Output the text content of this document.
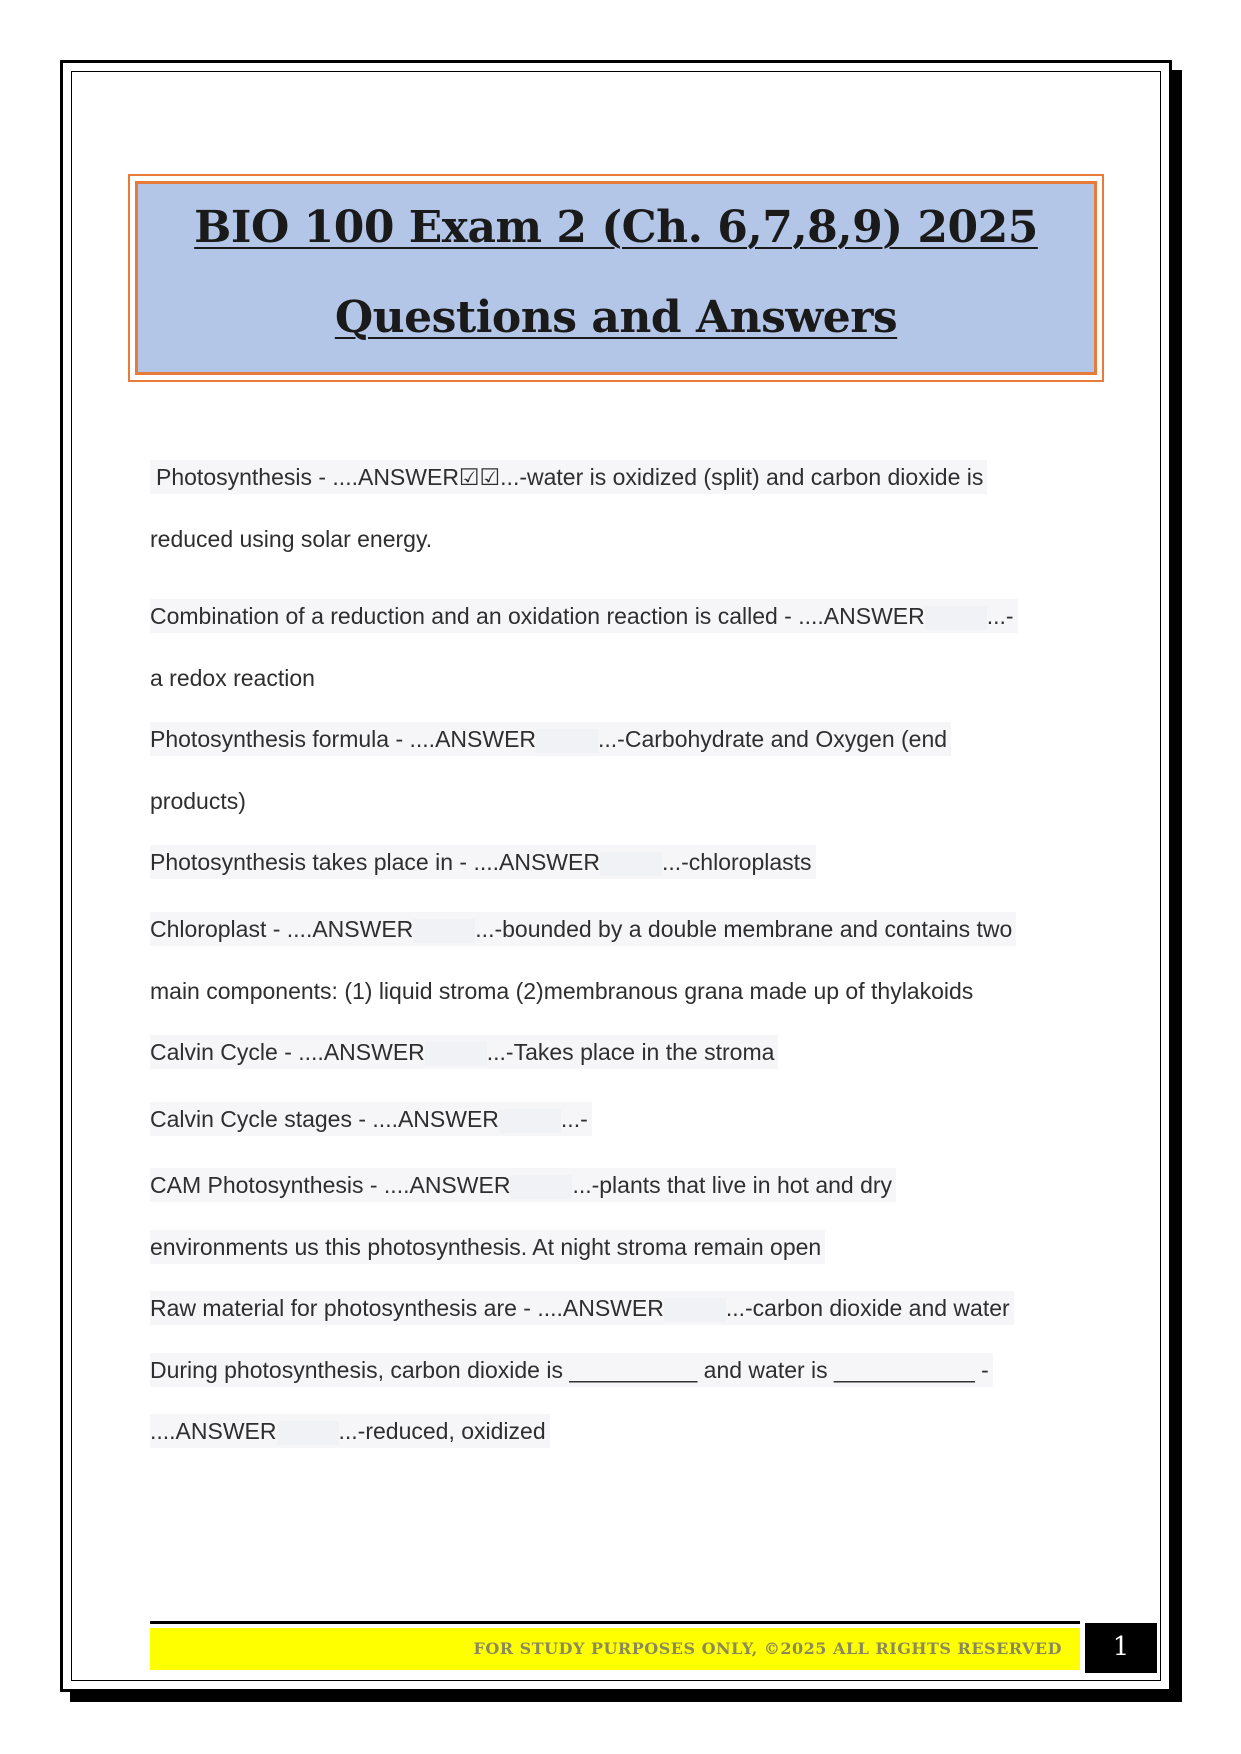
BIO 100 Exam 2 (Ch. 6,7,8,9) 2025
Questions and Answers
Photosynthesis - ....ANSWER☑☑...-water is oxidized (split) and carbon dioxide is
reduced using solar energy.
Combination of a reduction and an oxidation reaction is called - ....ANSWER	...-
a redox reaction
Photosynthesis formula - ....ANSWER	...-Carbohydrate and Oxygen (end
products)
Photosynthesis takes place in - ....ANSWER	...-chloroplasts
Chloroplast - ....ANSWER	...-bounded by a double membrane and contains two
main components: (1) liquid stroma (2)membranous grana made up of thylakoids
Calvin Cycle - ....ANSWER	...-Takes place in the stroma
Calvin Cycle stages - ....ANSWER	...-
CAM Photosynthesis - ....ANSWER	...-plants that live in hot and dry
environments us this photosynthesis. At night stroma remain open
Raw material for photosynthesis are - ....ANSWER	...-carbon dioxide and water
During photosynthesis, carbon dioxide is __________ and water is ___________ -
....ANSWER	...-reduced, oxidized
FOR STUDY PURPOSES ONLY, ©2025 ALL RIGHTS RESERVED	1
